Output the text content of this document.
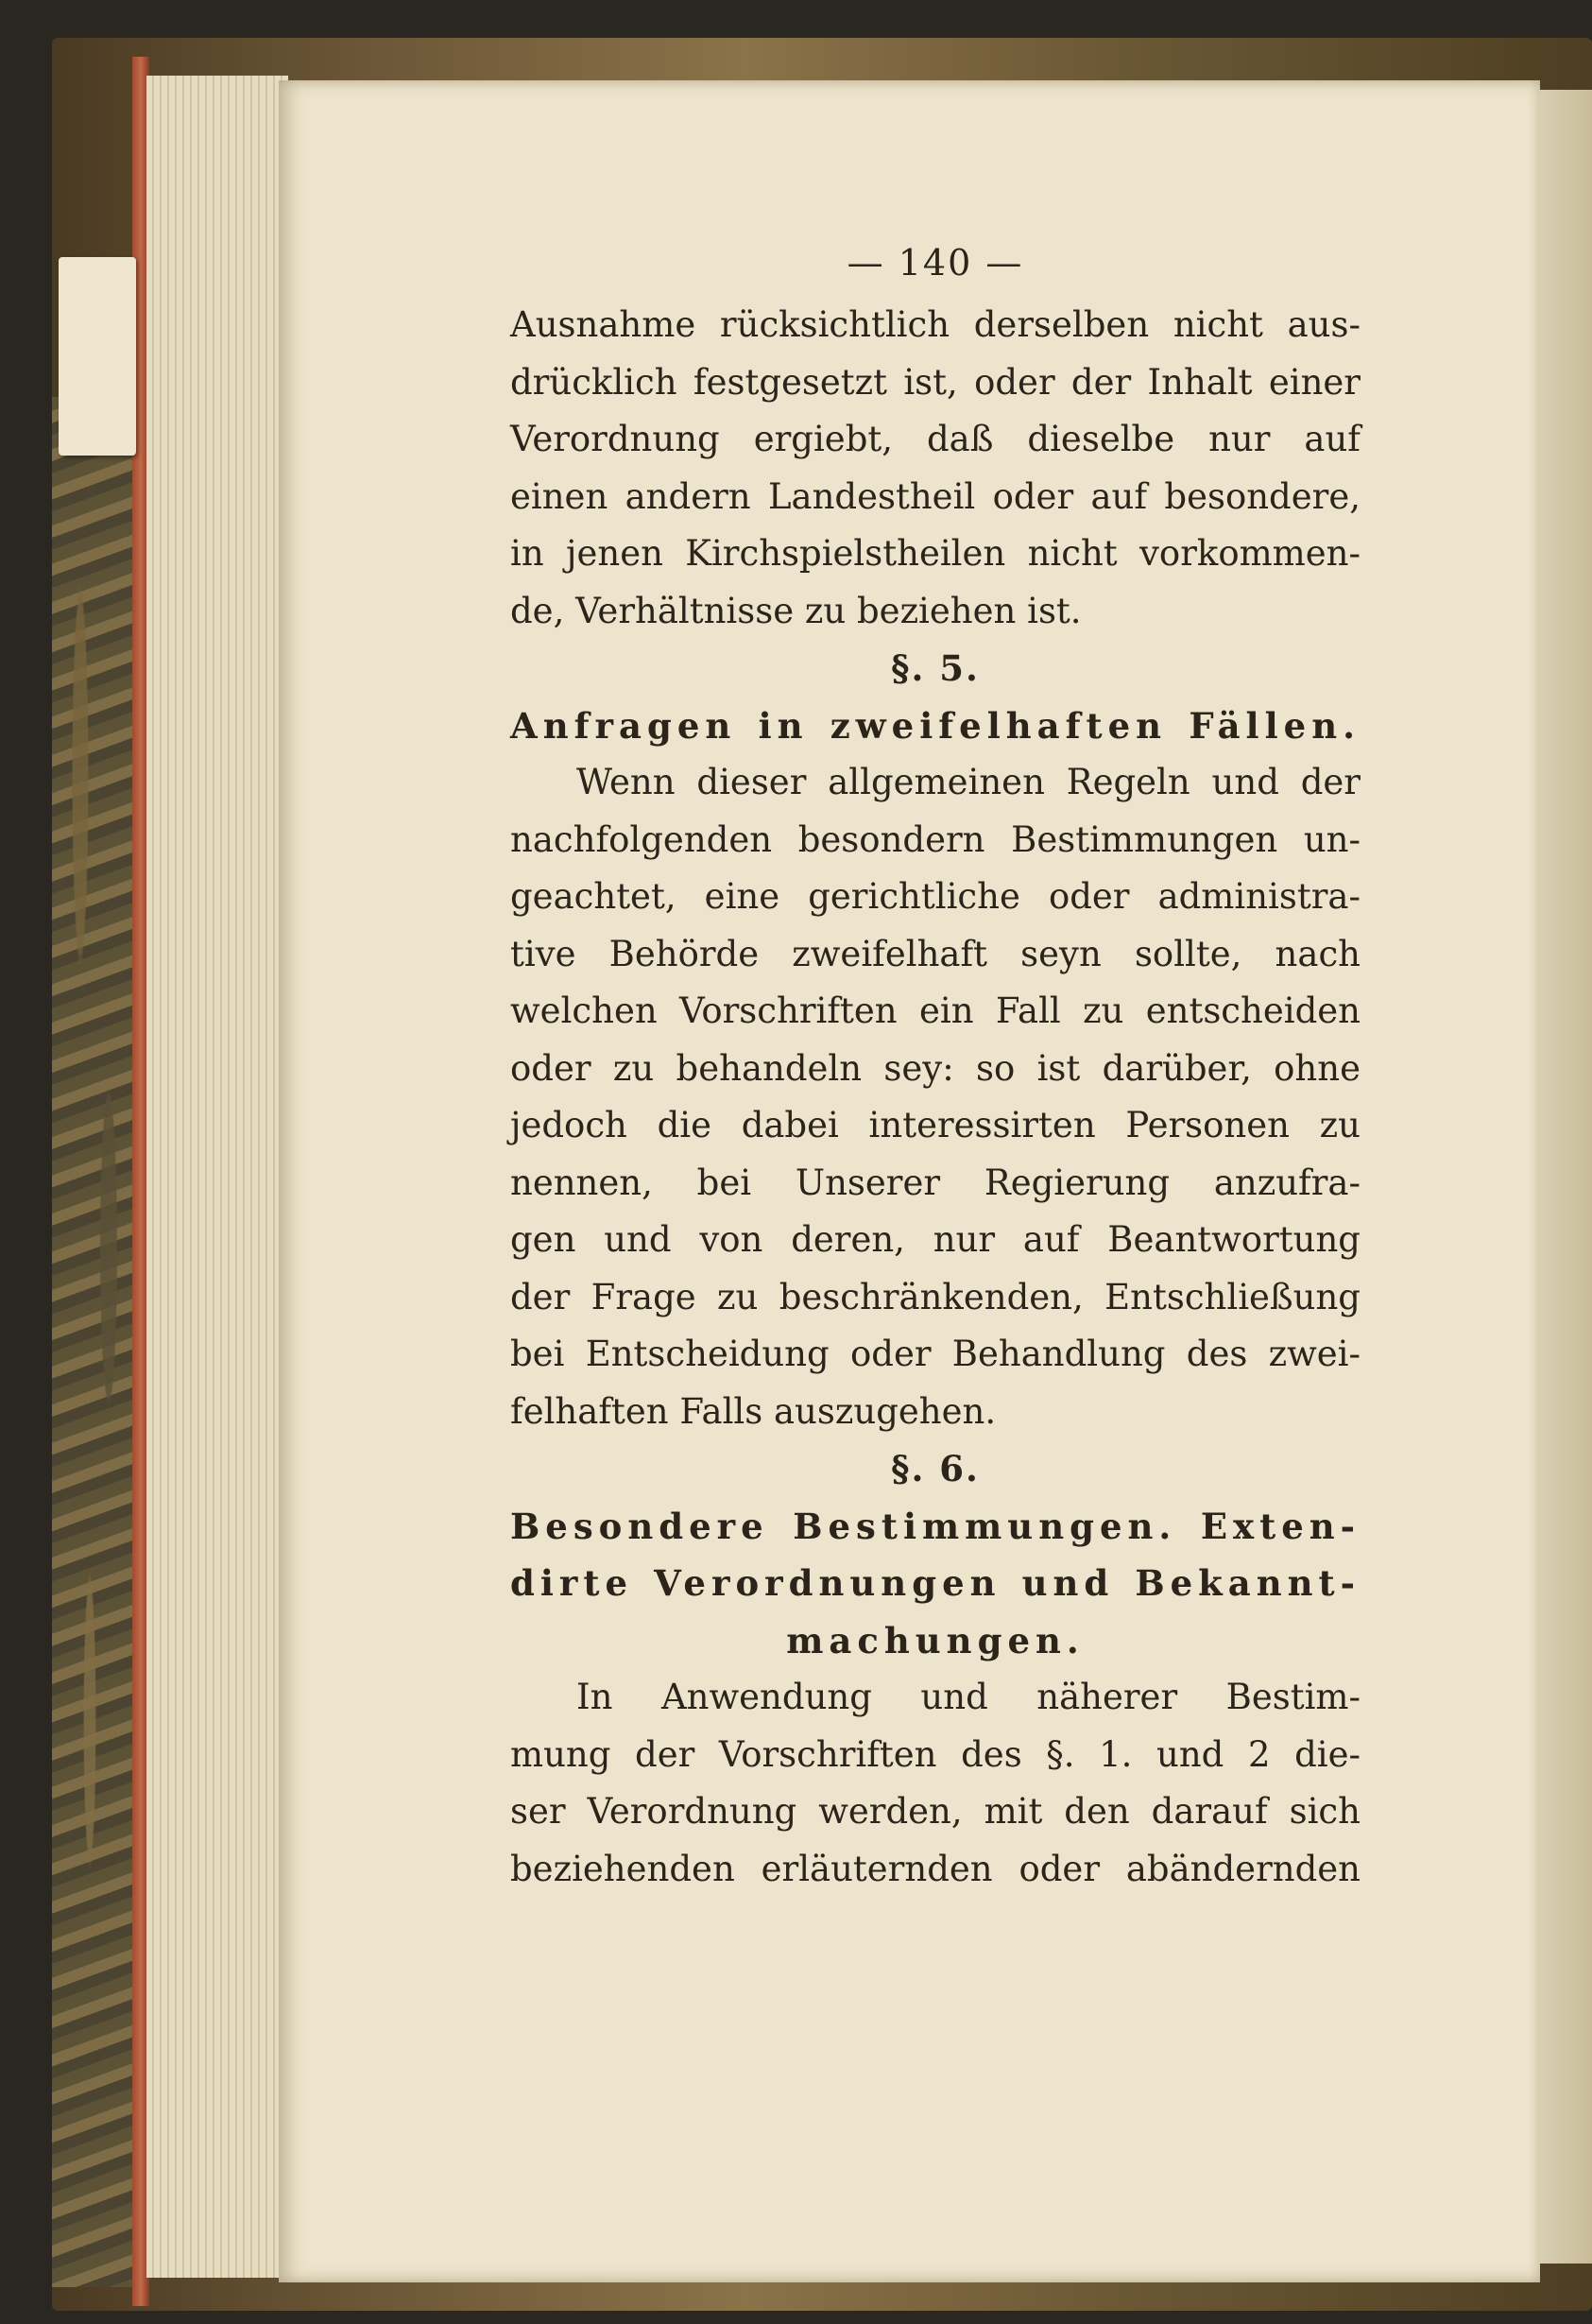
— 140 —
Ausnahme rücksichtlich derselben nicht aus-
drücklich festgesetzt ist, oder der Inhalt einer
Verordnung ergiebt, daß dieselbe nur auf
einen andern Landestheil oder auf besondere,
in jenen Kirchspielstheilen nicht vorkommen-
de, Verhältnisse zu beziehen ist.
§. 5.
Anfragen in zweifelhaften Fällen.
Wenn dieser allgemeinen Regeln und der
nachfolgenden besondern Bestimmungen un-
geachtet, eine gerichtliche oder administra-
tive Behörde zweifelhaft seyn sollte, nach
welchen Vorschriften ein Fall zu entscheiden
oder zu behandeln sey: so ist darüber, ohne
jedoch die dabei interessirten Personen zu
nennen, bei Unserer Regierung anzufra-
gen und von deren, nur auf Beantwortung
der Frage zu beschränkenden, Entschließung
bei Entscheidung oder Behandlung des zwei-
felhaften Falls auszugehen.
§. 6.
Besondere Bestimmungen. Exten-
dirte Verordnungen und Bekannt-
machungen.
In Anwendung und näherer Bestim-
mung der Vorschriften des §. 1. und 2 die-
ser Verordnung werden, mit den darauf sich
beziehenden erläuternden oder abändernden
